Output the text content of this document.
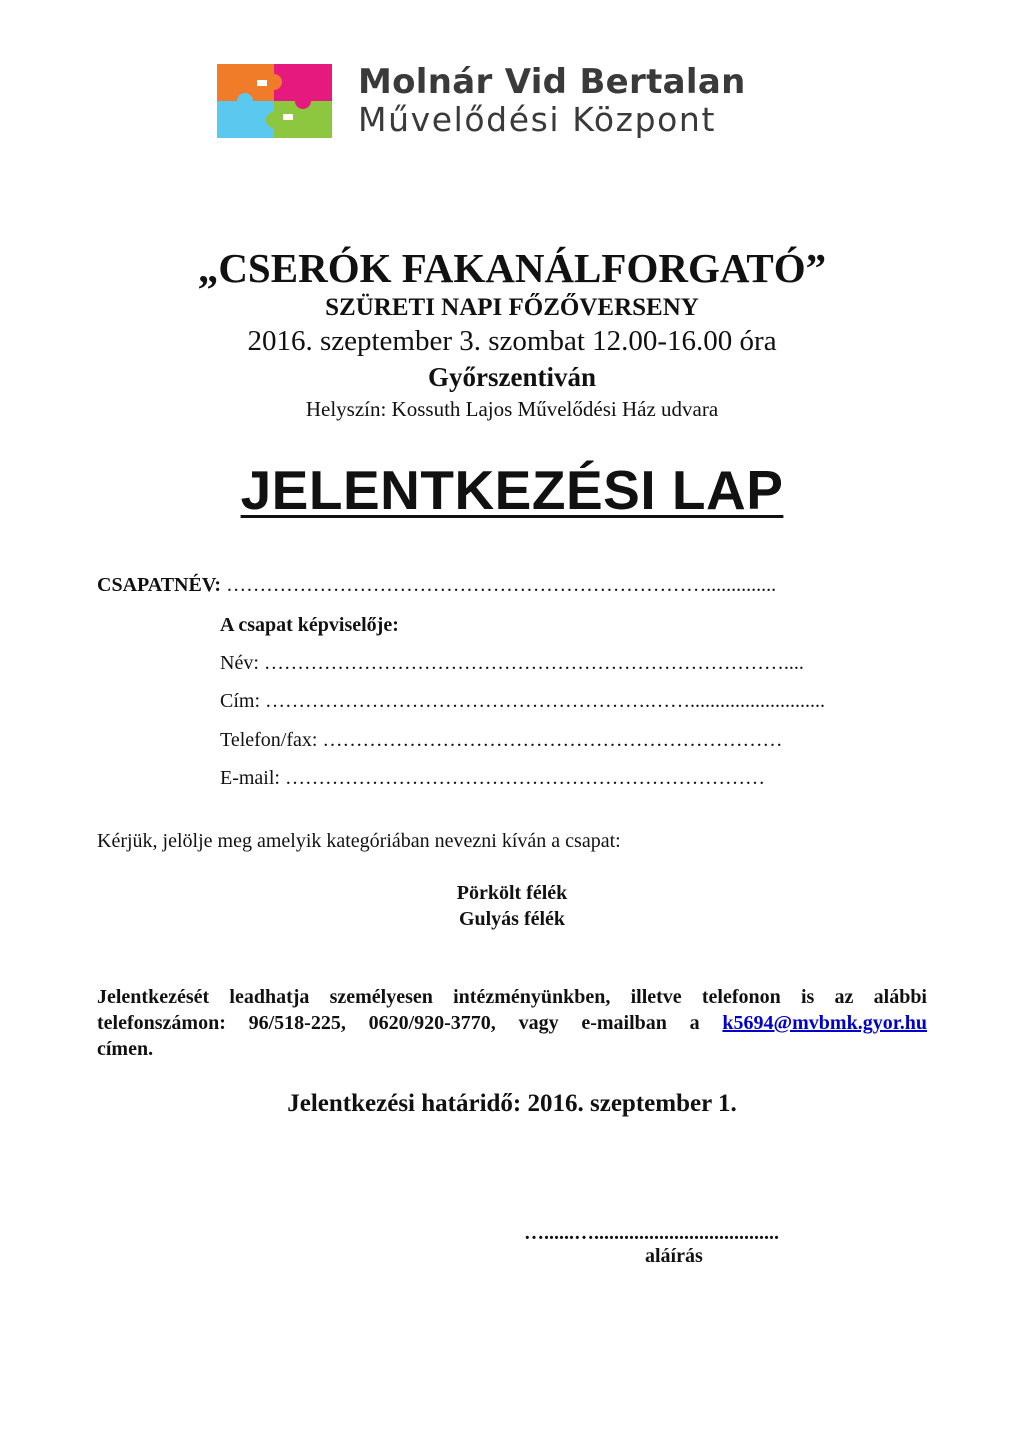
Molnár Vid Bertalan
Művelődési Központ
„CSERÓK FAKANÁLFORGATÓ”
SZÜRETI NAPI FŐZŐVERSENY
2016. szeptember 3. szombat 12.00-16.00 óra
Győrszentiván
Helyszín: Kossuth Lajos Művelődési Ház udvara
JELENTKEZÉSI LAP
CSAPATNÉV: ………………………………………………………………..............
A csapat képviselője:
Név: ……………………………………………………………………....
Cím: ………………………………………………….……...........................
Telefon/fax: ……………………………………………………………
E-mail: ………………………………………………………………
Kérjük, jelölje meg amelyik kategóriában nevezni kíván a csapat:
Pörkölt félék
Gulyás félék
Jelentkezését leadhatja személyesen intézményünkben, illetve telefonon is az alábbi
telefonszámon: 96/518-225, 0620/920-3770, vagy e-mailban a k5694@mvbmk.gyor.hu
címen.
Jelentkezési határidő: 2016. szeptember 1.
…......….....................................
aláírás
